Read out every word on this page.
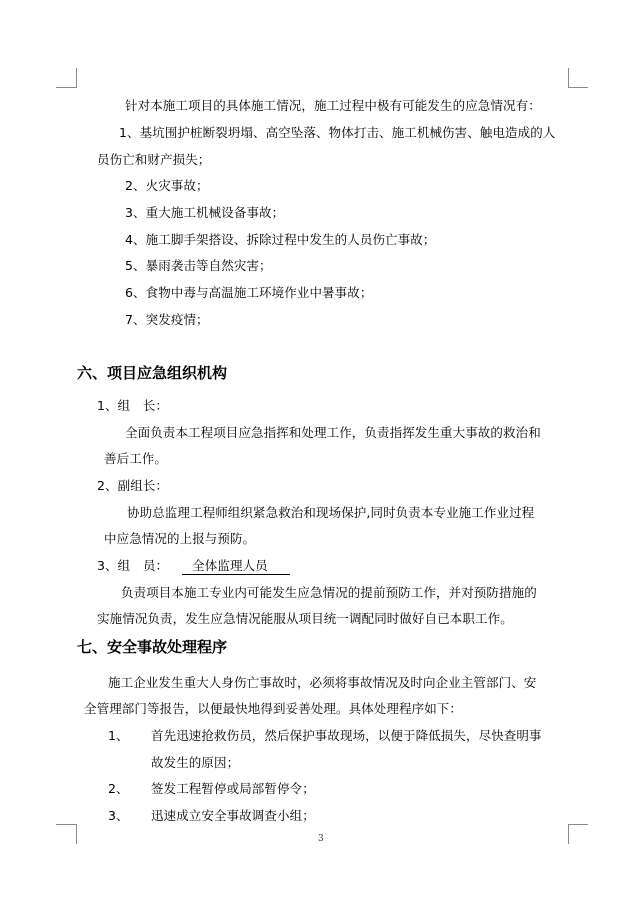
针对本施工项目的具体施工情况，施工过程中极有可能发生的应急情况有：
1、基坑围护桩断裂坍塌、高空坠落、物体打击、施工机械伤害、触电造成的人
员伤亡和财产损失；
2、火灾事故；
3、重大施工机械设备事故；
4、施工脚手架搭设、拆除过程中发生的人员伤亡事故；
5、暴雨袭击等自然灾害；
6、食物中毒与高温施工环境作业中暑事故；
7、突发疫情；
六、项目应急组织机构
1、组　长：
全面负责本工程项目应急指挥和处理工作，负责指挥发生重大事故的救治和
善后工作。
2、副组长：
协助总监理工程师组织紧急救治和现场保护,同时负责本专业施工作业过程
中应急情况的上报与预防。
3、组　员： 全体监理人员
负责项目本施工专业内可能发生应急情况的提前预防工作，并对预防措施的
实施情况负责，发生应急情况能服从项目统一调配同时做好自已本职工作。
七、安全事故处理程序
施工企业发生重大人身伤亡事故时，必须将事故情况及时向企业主管部门、安
全管理部门等报告，以便最快地得到妥善处理。具体处理程序如下：
1、 首先迅速抢救伤员，然后保护事故现场，以便于降低损失，尽快查明事
故发生的原因；
2、 签发工程暂停或局部暂停令；
3、 迅速成立安全事故调查小组；
3
